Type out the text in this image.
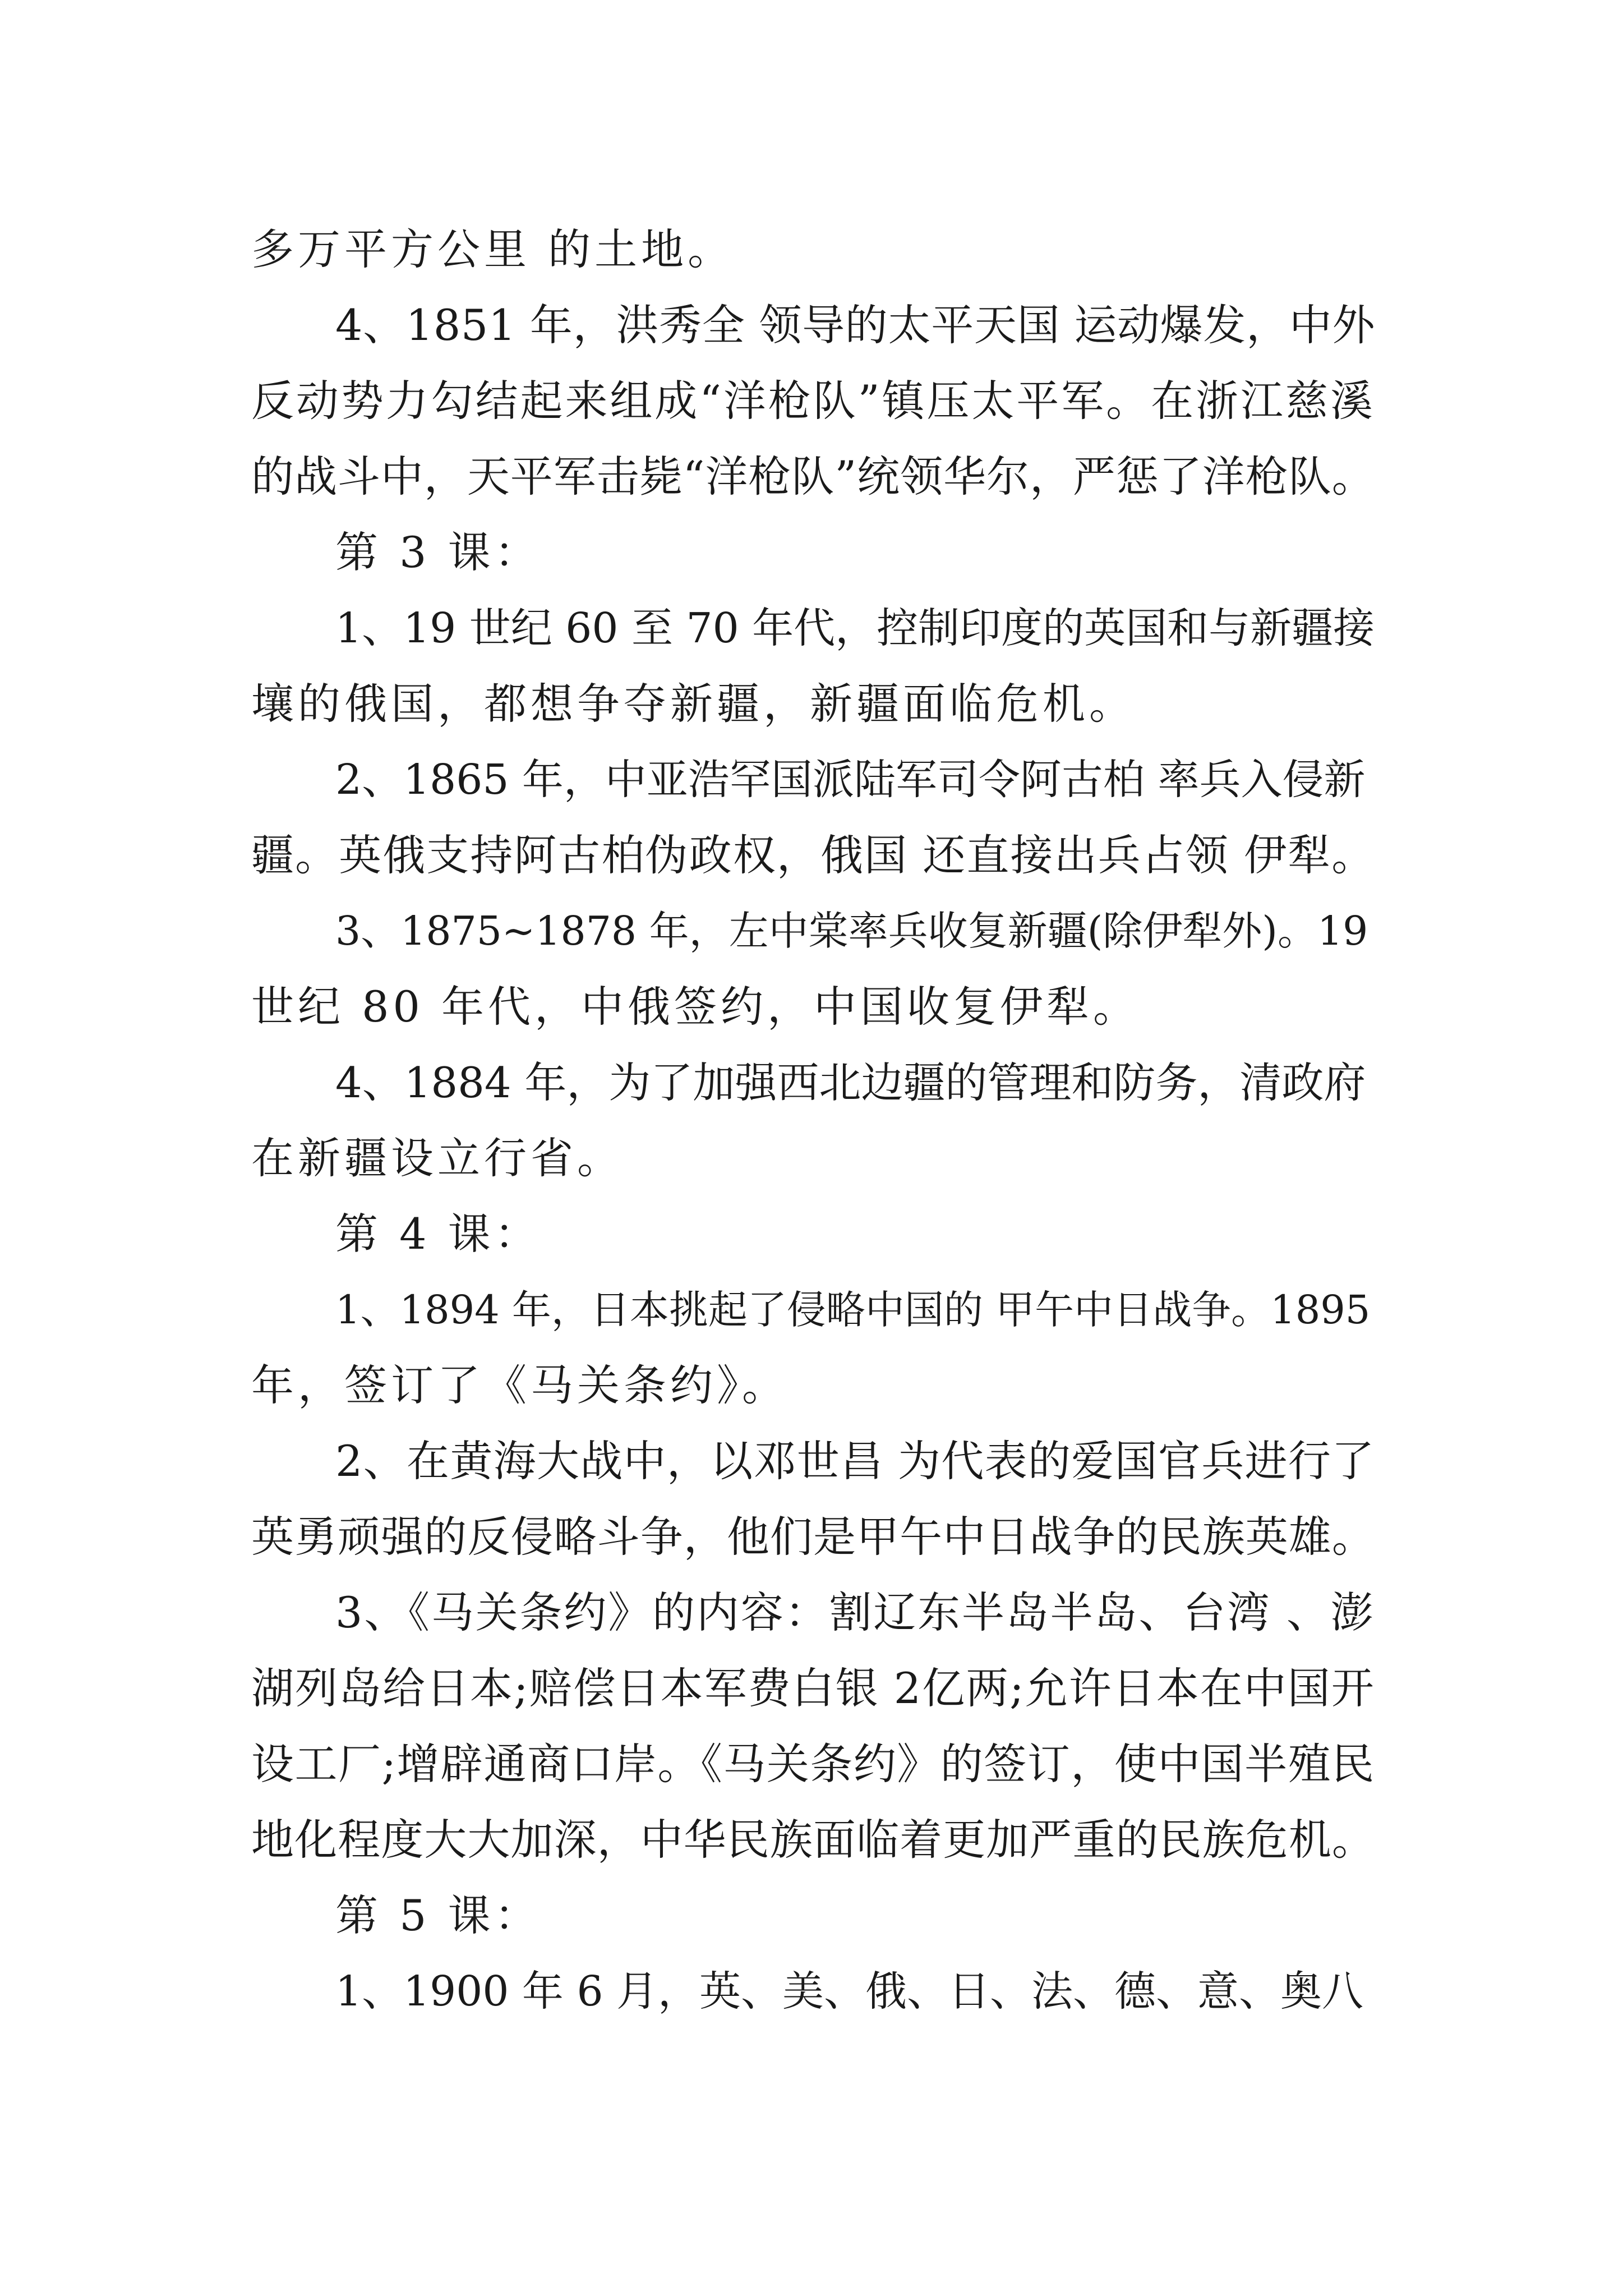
多万平方公里 的土地。
4、1851 年，洪秀全 领导的太平天国 运动爆发，中外
反动势力勾结起来组成“洋枪队”镇压太平军。在浙江慈溪
的战斗中，天平军击毙“洋枪队”统领华尔，严惩了洋枪队。
第 3 课：
1、19 世纪 60 至 70 年代，控制印度的英国和与新疆接
壤的俄国，都想争夺新疆，新疆面临危机。
2、1865 年，中亚浩罕国派陆军司令阿古柏 率兵入侵新
疆。英俄支持阿古柏伪政权，俄国 还直接出兵占领 伊犁。
3、1875~1878 年，左中棠率兵收复新疆(除伊犁外)。19
世纪 80 年代，中俄签约，中国收复伊犁。
4、1884 年，为了加强西北边疆的管理和防务，清政府
在新疆设立行省。
第 4 课：
1、1894 年，日本挑起了侵略中国的 甲午中日战争。1895
年，签订了《马关条约》。
2、在黄海大战中，以邓世昌 为代表的爱国官兵进行了
英勇顽强的反侵略斗争，他们是甲午中日战争的民族英雄。
3、《马关条约》的内容：割辽东半岛半岛、台湾 、澎
湖列岛给日本;赔偿日本军费白银 2亿两;允许日本在中国开
设工厂;增辟通商口岸。《马关条约》的签订，使中国半殖民
地化程度大大加深，中华民族面临着更加严重的民族危机。
第 5 课：
1、1900 年 6 月，英、美、俄、日、法、德、意、奥八
